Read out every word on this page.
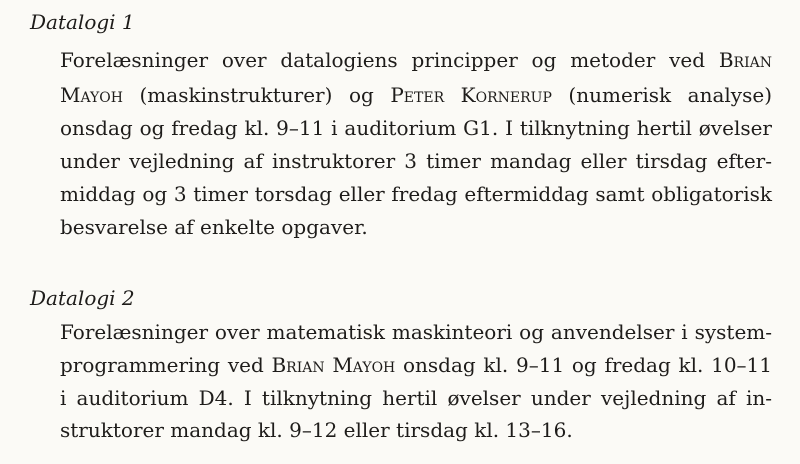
Datalogi 1
Forelæsninger over datalogiens principper og metoder ved Brian
Mayoh (maskinstrukturer) og Peter Kornerup (numerisk analyse)
onsdag og fredag kl. 9–11 i auditorium G1. I tilknytning hertil øvelser
under vejledning af instruktorer 3 timer mandag eller tirsdag efter-
middag og 3 timer torsdag eller fredag eftermiddag samt obligatorisk
besvarelse af enkelte opgaver.
Datalogi 2
Forelæsninger over matematisk maskinteori og anvendelser i system-
programmering ved Brian Mayoh onsdag kl. 9–11 og fredag kl. 10–11
i auditorium D4. I tilknytning hertil øvelser under vejledning af in-
struktorer mandag kl. 9–12 eller tirsdag kl. 13–16.
